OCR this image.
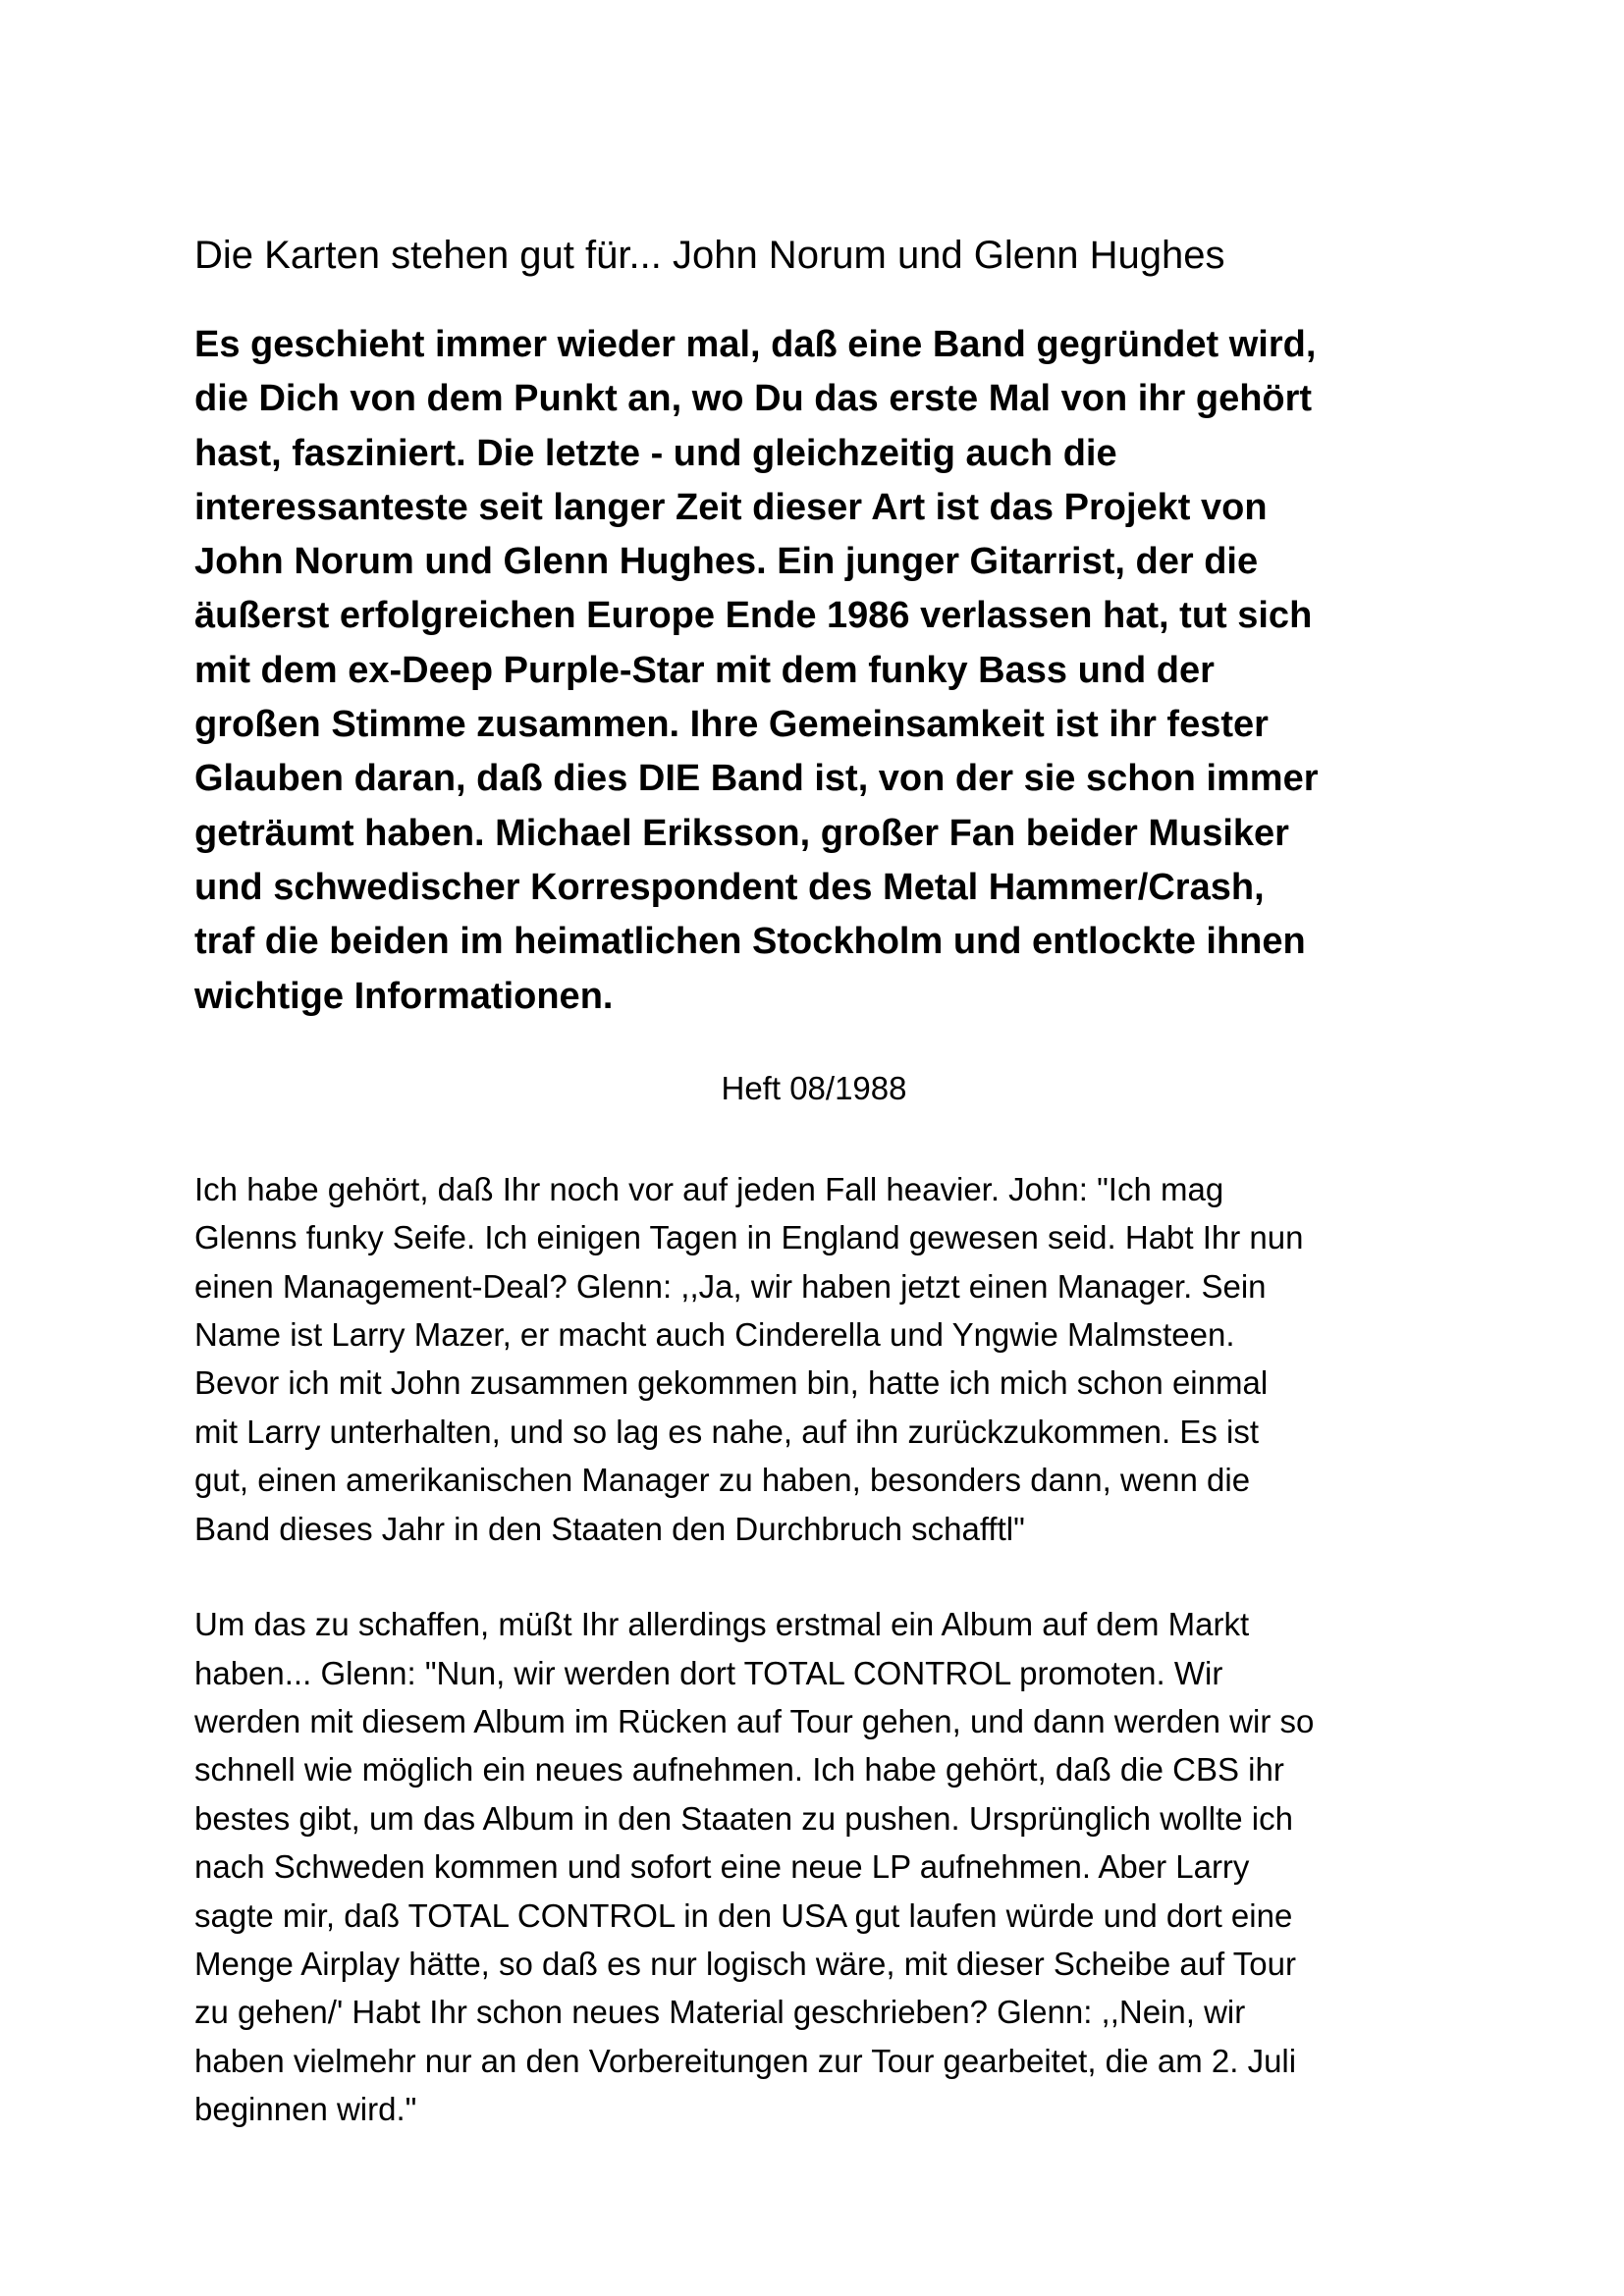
Die Karten stehen gut für... John Norum und Glenn Hughes

Es geschieht immer wieder mal, daß eine Band gegründet wird,
die Dich von dem Punkt an, wo Du das erste Mal von ihr gehört
hast, fasziniert. Die letzte - und gleichzeitig auch die
interessanteste seit langer Zeit dieser Art ist das Projekt von
John Norum und Glenn Hughes. Ein junger Gitarrist, der die
äußerst erfolgreichen Europe Ende 1986 verlassen hat, tut sich
mit dem ex-Deep Purple-Star mit dem funky Bass und der
großen Stimme zusammen. Ihre Gemeinsamkeit ist ihr fester
Glauben daran, daß dies DIE Band ist, von der sie schon immer
geträumt haben. Michael Eriksson, großer Fan beider Musiker
und schwedischer Korrespondent des Metal Hammer/Crash,
traf die beiden im heimatlichen Stockholm und entlockte ihnen
wichtige Informationen.

Heft 08/1988

Ich habe gehört, daß Ihr noch vor auf jeden Fall heavier. John: "Ich mag
Glenns funky Seife. Ich einigen Tagen in England gewesen seid. Habt Ihr nun
einen Management-Deal? Glenn: ,,Ja, wir haben jetzt einen Manager. Sein
Name ist Larry Mazer, er macht auch Cinderella und Yngwie Malmsteen.
Bevor ich mit John zusammen gekommen bin, hatte ich mich schon einmal
mit Larry unterhalten, und so lag es nahe, auf ihn zurückzukommen. Es ist
gut, einen amerikanischen Manager zu haben, besonders dann, wenn die
Band dieses Jahr in den Staaten den Durchbruch schafftl"

Um das zu schaffen, müßt Ihr allerdings erstmal ein Album auf dem Markt
haben... Glenn: "Nun, wir werden dort TOTAL CONTROL promoten. Wir
werden mit diesem Album im Rücken auf Tour gehen, und dann werden wir so
schnell wie möglich ein neues aufnehmen. Ich habe gehört, daß die CBS ihr
bestes gibt, um das Album in den Staaten zu pushen. Ursprünglich wollte ich
nach Schweden kommen und sofort eine neue LP aufnehmen. Aber Larry
sagte mir, daß TOTAL CONTROL in den USA gut laufen würde und dort eine
Menge Airplay hätte, so daß es nur logisch wäre, mit dieser Scheibe auf Tour
zu gehen/' Habt Ihr schon neues Material geschrieben? Glenn: ,,Nein, wir
haben vielmehr nur an den Vorbereitungen zur Tour gearbeitet, die am 2. Juli
beginnen wird."
